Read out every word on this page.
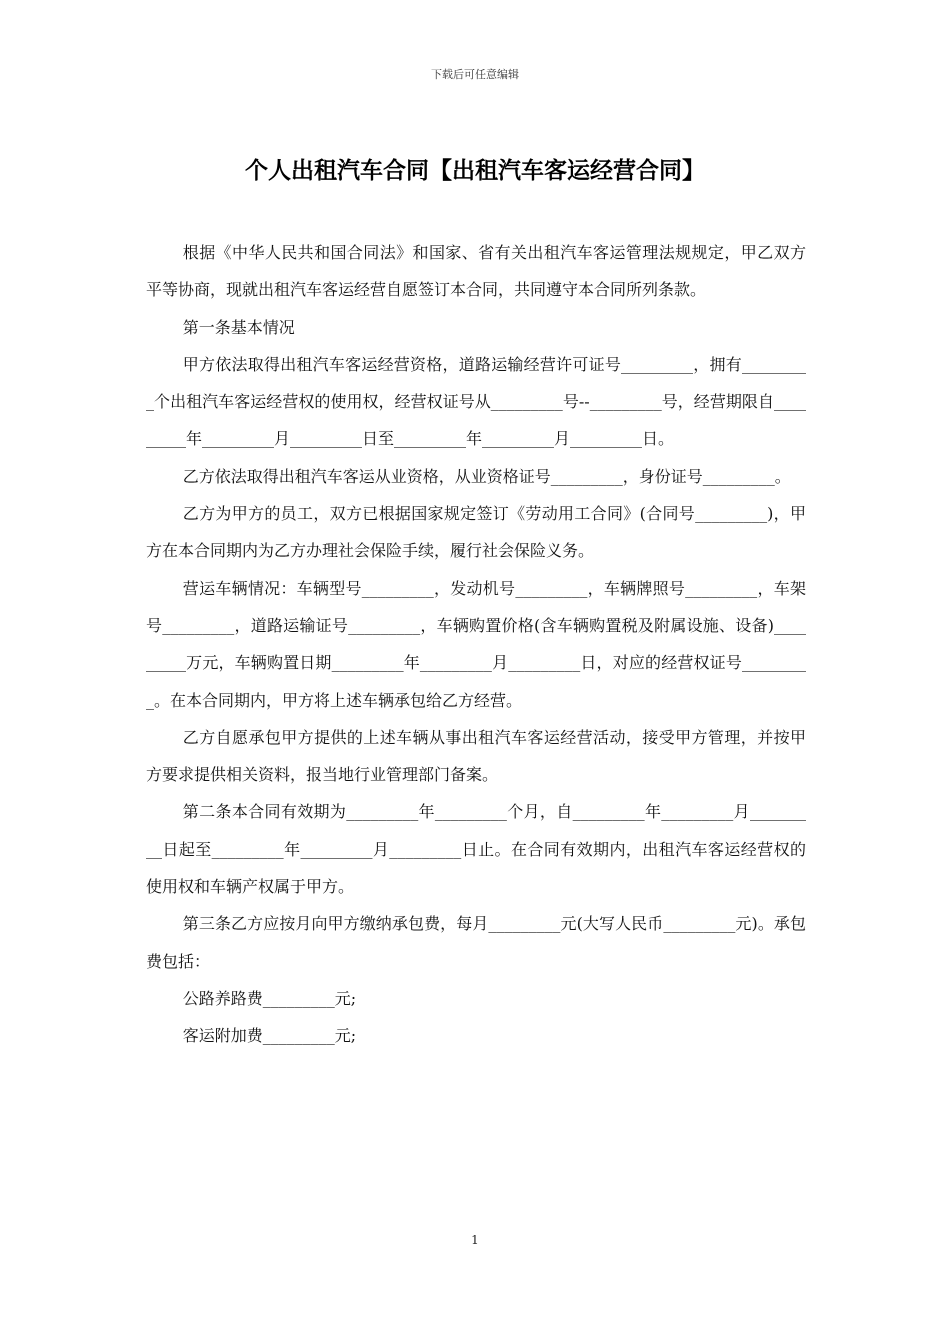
下载后可任意编辑
个人出租汽车合同【出租汽车客运经营合同】

根据《中华人民共和国合同法》和国家、省有关出租汽车客运管理法规规定，甲乙双方平等协商，现就出租汽车客运经营自愿签订本合同，共同遵守本合同所列条款。

第一条基本情况

甲方依法取得出租汽车客运经营资格，道路运输经营许可证号_________，拥有_________个出租汽车客运经营权的使用权，经营权证号从_________号--_________号，经营期限自_________年_________月_________日至_________年_________月_________日。

乙方依法取得出租汽车客运从业资格，从业资格证号_________，身份证号_________。

乙方为甲方的员工，双方已根据国家规定签订《劳动用工合同》(合同号_________)，甲方在本合同期内为乙方办理社会保险手续，履行社会保险义务。

营运车辆情况：车辆型号_________，发动机号_________，车辆牌照号_________，车架号_________，道路运输证号_________，车辆购置价格(含车辆购置税及附属设施、设备)_________万元，车辆购置日期_________年_________月_________日，对应的经营权证号_________。在本合同期内，甲方将上述车辆承包给乙方经营。

乙方自愿承包甲方提供的上述车辆从事出租汽车客运经营活动，接受甲方管理，并按甲方要求提供相关资料，报当地行业管理部门备案。

第二条本合同有效期为_________年_________个月，自_________年_________月_________日起至_________年_________月_________日止。在合同有效期内，出租汽车客运经营权的使用权和车辆产权属于甲方。

第三条乙方应按月向甲方缴纳承包费，每月_________元(大写人民币_________元)。承包费包括：

公路养路费_________元;

客运附加费_________元;

1
